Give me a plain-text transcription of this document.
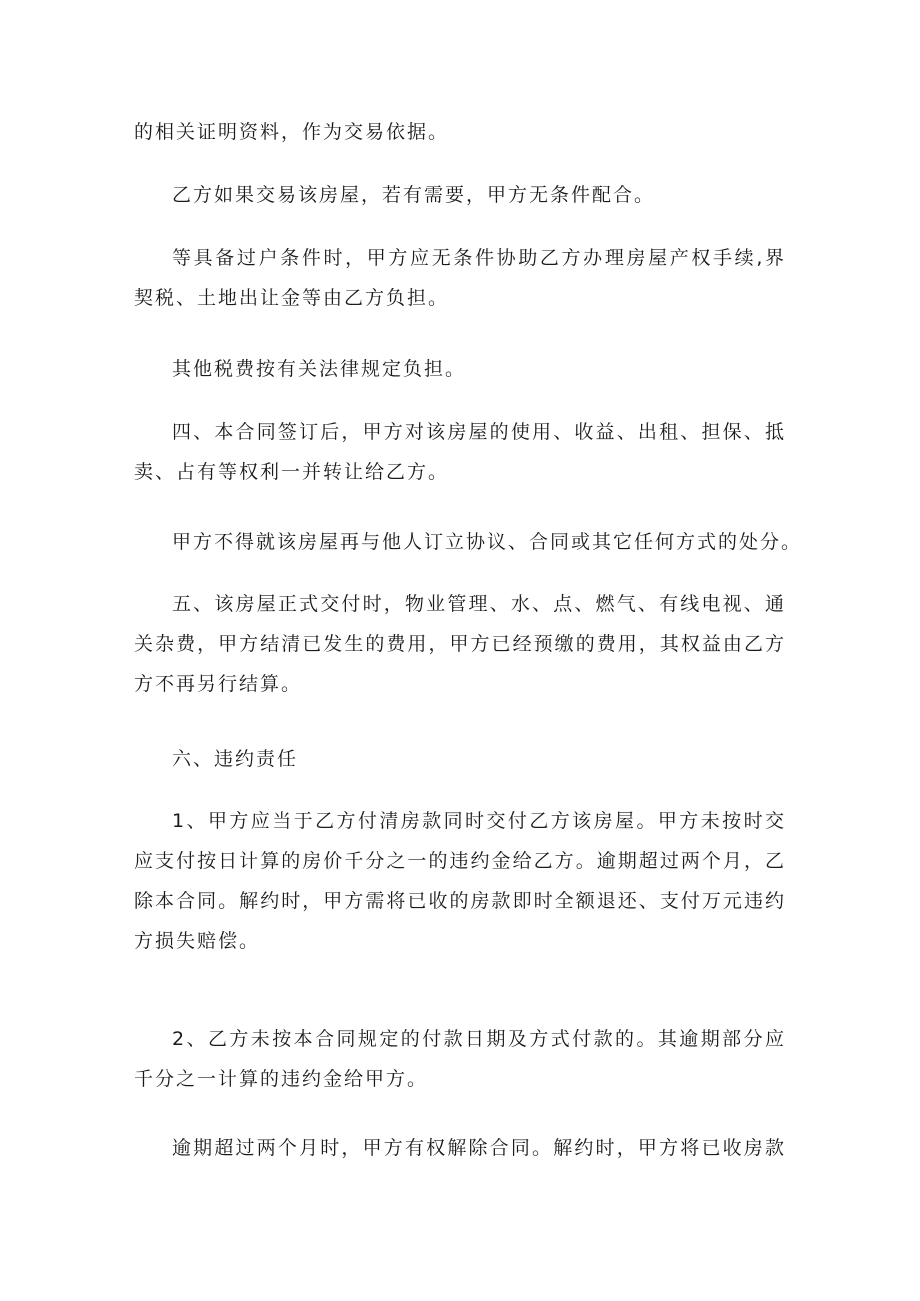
的相关证明资料，作为交易依据。
乙方如果交易该房屋，若有需要，甲方无条件配合。
等具备过户条件时，甲方应无条件协助乙方办理房屋产权手续,界
契税、土地出让金等由乙方负担。
其他税费按有关法律规定负担。
四、本合同签订后，甲方对该房屋的使用、收益、出租、担保、抵
卖、占有等权利一并转让给乙方。
甲方不得就该房屋再与他人订立协议、合同或其它任何方式的处分。
五、该房屋正式交付时，物业管理、水、点、燃气、有线电视、通
关杂费，甲方结清已发生的费用，甲方已经预缴的费用，其权益由乙方
方不再另行结算。
六、违约责任
1、甲方应当于乙方付清房款同时交付乙方该房屋。甲方未按时交
应支付按日计算的房价千分之一的违约金给乙方。逾期超过两个月，乙
除本合同。解约时，甲方需将已收的房款即时全额退还、支付万元违约
方损失赔偿。
2、乙方未按本合同规定的付款日期及方式付款的。其逾期部分应
千分之一计算的违约金给甲方。
逾期超过两个月时，甲方有权解除合同。解约时，甲方将已收房款
